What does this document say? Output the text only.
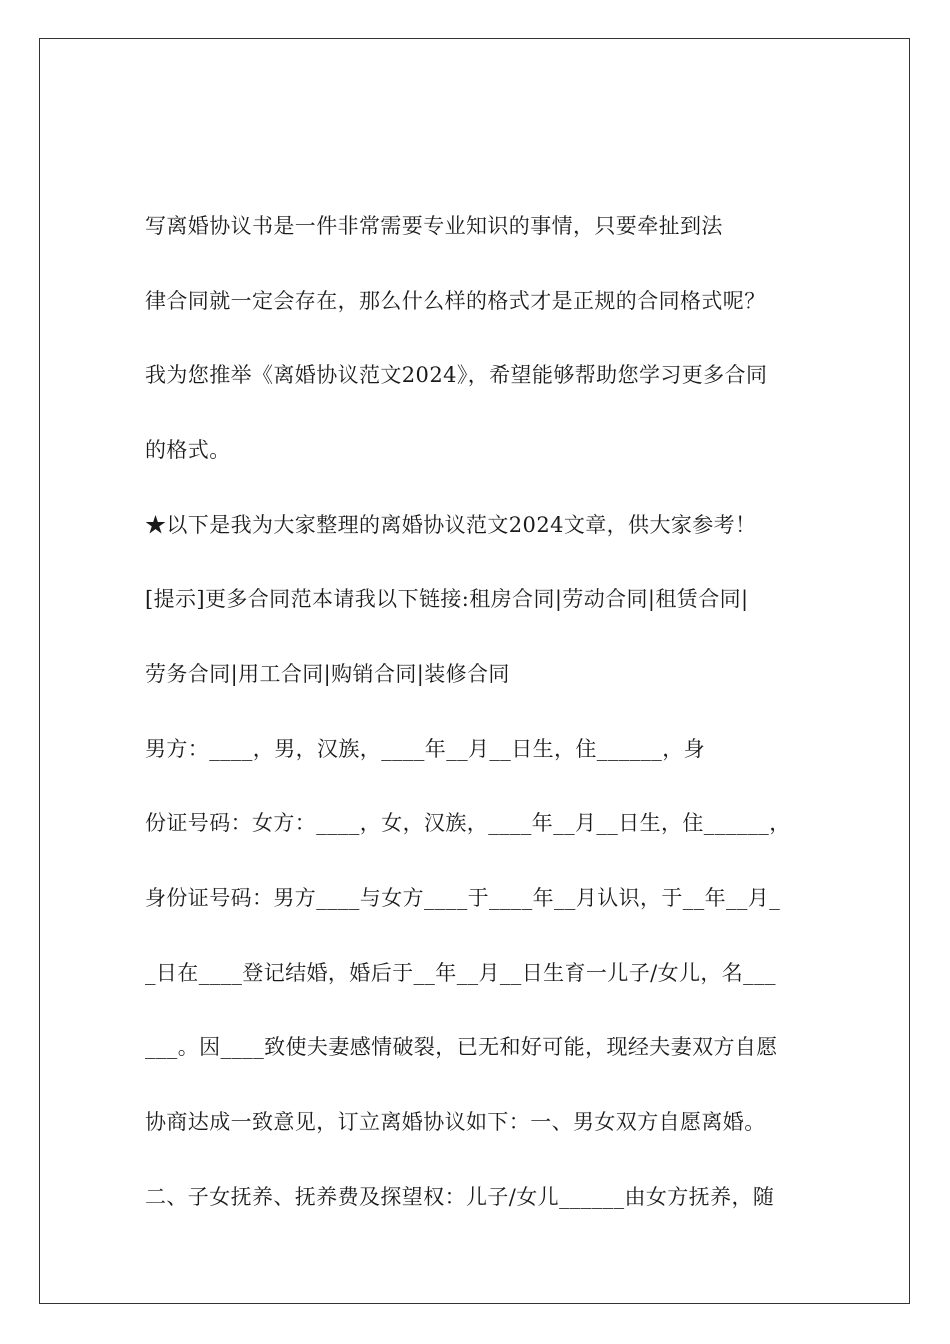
写离婚协议书是一件非常需要专业知识的事情，只要牵扯到法
律合同就一定会存在，那么什么样的格式才是正规的合同格式呢？
我为您推举《离婚协议范文2024》，希望能够帮助您学习更多合同
的格式。
★以下是我为大家整理的离婚协议范文2024文章，供大家参考！
[提示]更多合同范本请我以下链接:租房合同|劳动合同|租赁合同|
劳务合同|用工合同|购销合同|装修合同
男方：____，男，汉族，____年__月__日生，住______，身
份证号码：女方：____，女，汉族，____年__月__日生，住______，
身份证号码：男方____与女方____于____年__月认识，于__年__月_
_日在____登记结婚，婚后于__年__月__日生育一儿子/女儿，名___
___。因____致使夫妻感情破裂，已无和好可能，现经夫妻双方自愿
协商达成一致意见，订立离婚协议如下：一、男女双方自愿离婚。
二、子女抚养、抚养费及探望权：儿子/女儿______由女方抚养，随
